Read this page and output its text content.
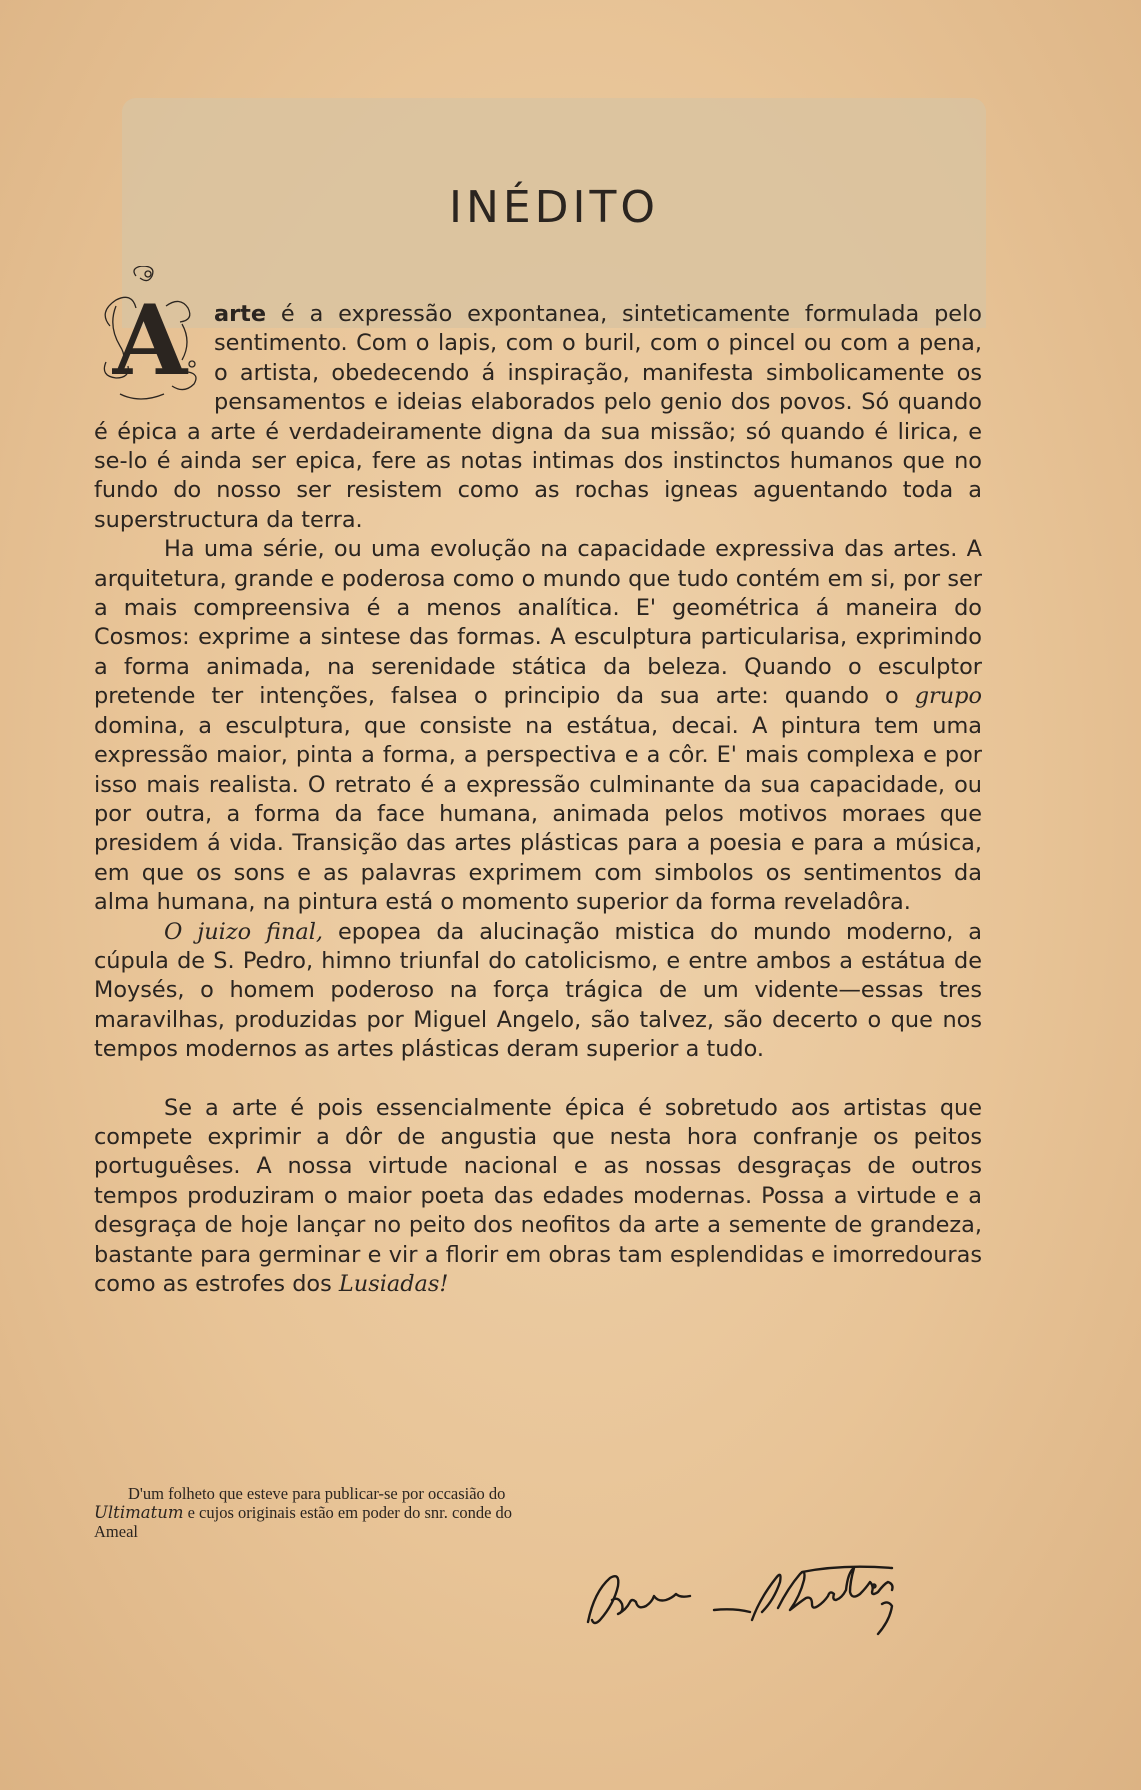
INÉDITO
A	arte é a expressão expontanea, sinteticamente formulada pelo sentimento. Com o lapis, com o buril, com o pincel ou com a pena, o artista, obedecendo á inspiração, manifesta simbolicamente os pensamentos e ideias elaborados pelo genio dos povos. Só quando é épica a arte é verdadeiramente digna da sua missão; só quando é lirica, e se-lo é ainda ser epica, fere as notas intimas dos instinctos humanos que no fundo do nosso ser resistem como as rochas igneas aguentando toda a superstructura da terra.

Ha uma série, ou uma evolução na capacidade expressiva das artes. A arquitetura, grande e poderosa como o mundo que tudo contém em si, por ser a mais compreensiva é a menos analítica. E' geométrica á maneira do Cosmos: exprime a sintese das formas. A esculptura particularisa, exprimindo a forma animada, na serenidade stática da beleza. Quando o esculptor pretende ter intenções, falsea o principio da sua arte: quando o grupo domina, a esculptura, que consiste na estátua, decai. A pintura tem uma expressão maior, pinta a forma, a perspectiva e a côr. E' mais complexa e por isso mais realista. O retrato é a expressão culminante da sua capacidade, ou por outra, a forma da face humana, animada pelos motivos moraes que presidem á vida. Transição das artes plásticas para a poesia e para a música, em que os sons e as palavras exprimem com simbolos os sentimentos da alma humana, na pintura está o momento superior da forma reveladôra.

O juizo final, epopea da alucinação mistica do mundo moderno, a cúpula de S. Pedro, himno triunfal do catolicismo, e entre ambos a estátua de Moysés, o homem poderoso na força trágica de um vidente—essas tres maravilhas, produzidas por Miguel Angelo, são talvez, são decerto o que nos tempos modernos as artes plásticas deram superior a tudo.

Se a arte é pois essencialmente épica é sobretudo aos artistas que compete exprimir a dôr de angustia que nesta hora confranje os peitos portuguêses. A nossa virtude nacional e as nossas desgraças de outros tempos produziram o maior poeta das edades modernas. Possa a virtude e a desgraça de hoje lançar no peito dos neofitos da arte a semente de grandeza, bastante para germinar e vir a florir em obras tam esplendidas e imorredouras como as estrofes dos Lusiadas!

D'um folheto que esteve para publicar-se por occasião do Ultimatum e cujos originais estão em poder do snr. conde do Ameal
